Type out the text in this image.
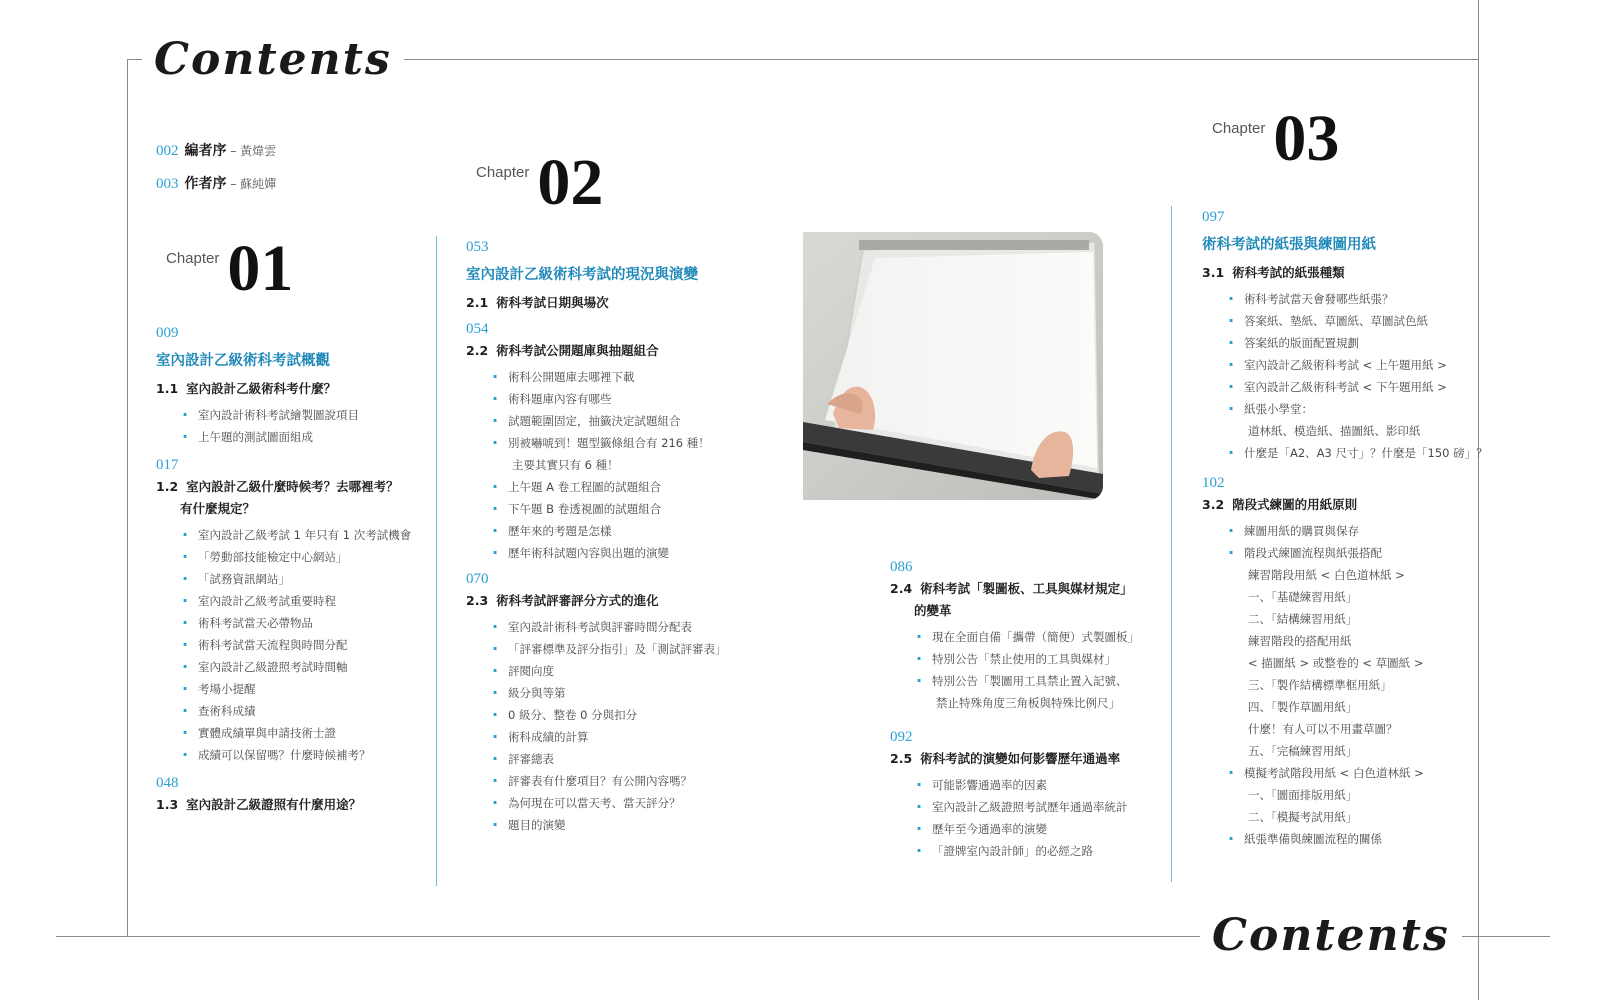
Contents
Contents
002 編者序 – 黃煒雲
003 作者序 – 蘇純嬋
Chapter 01
Chapter 02
Chapter 03
009
室內設計乙級術科考試概觀
1.1 室內設計乙級術科考什麼？
· 室內設計術科考試繪製圖說項目
· 上午題的測試圖面組成
017
1.2 室內設計乙級什麼時候考？去哪裡考？
有什麼規定？
· 室內設計乙級考試 1 年只有 1 次考試機會
· 「勞動部技能檢定中心網站」
· 「試務資訊網站」
· 室內設計乙級考試重要時程
· 術科考試當天必帶物品
· 術科考試當天流程與時間分配
· 室內設計乙級證照考試時間軸
· 考場小提醒
· 查術科成績
· 實體成績單與申請技術士證
· 成績可以保留嗎？什麼時候補考？
048
1.3 室內設計乙級證照有什麼用途？
053
室內設計乙級術科考試的現況與演變
2.1 術科考試日期與場次
054
2.2 術科考試公開題庫與抽題組合
· 術科公開題庫去哪裡下載
· 術科題庫內容有哪些
· 試題範圍固定，抽籤決定試題組合
· 別被嚇唬到！題型籤條組合有 216 種！
主要其實只有 6 種！
· 上午題 A 卷工程圖的試題組合
· 下午題 B 卷透視圖的試題組合
· 歷年來的考題是怎樣
· 歷年術科試題內容與出題的演變
070
2.3 術科考試評審評分方式的進化
· 室內設計術科考試與評審時間分配表
· 「評審標準及評分指引」及「測試評審表」
· 評閱向度
· 級分與等第
· 0 級分、整卷 0 分與扣分
· 術科成績的計算
· 評審總表
· 評審表有什麼項目？有公開內容嗎？
· 為何現在可以當天考、當天評分？
· 題目的演變
086
2.4 術科考試「製圖板、工具與媒材規定」
的變革
· 現在全面自備「攜帶（簡便）式製圖板」
· 特別公告「禁止使用的工具與媒材」
· 特別公告「製圖用工具禁止置入記號、
禁止特殊角度三角板與特殊比例尺」
092
2.5 術科考試的演變如何影響歷年通過率
· 可能影響通過率的因素
· 室內設計乙級證照考試歷年通過率統計
· 歷年至今通過率的演變
· 「證牌室內設計師」的必經之路
097
術科考試的紙張與練圖用紙
3.1 術科考試的紙張種類
· 術科考試當天會發哪些紙張？
· 答案紙、墊紙、草圖紙、草圖試色紙
· 答案紙的版面配置規劃
· 室內設計乙級術科考試 < 上午題用紙 >
· 室內設計乙級術科考試 < 下午題用紙 >
· 紙張小學堂：
道林紙、模造紙、描圖紙、影印紙
· 什麼是「A2、A3 尺寸」？什麼是「150 磅」？
102
3.2 階段式練圖的用紙原則
· 練圖用紙的購買與保存
· 階段式練圖流程與紙張搭配
練習階段用紙 < 白色道林紙 >
一、「基礎練習用紙」
二、「結構練習用紙」
練習階段的搭配用紙
< 描圖紙 > 或整卷的 < 草圖紙 >
三、「製作結構標準框用紙」
四、「製作草圖用紙」
什麼！有人可以不用畫草圖？
五、「完稿練習用紙」
· 模擬考試階段用紙 < 白色道林紙 >
一、「圖面排版用紙」
二、「模擬考試用紙」
· 紙張準備與練圖流程的關係
